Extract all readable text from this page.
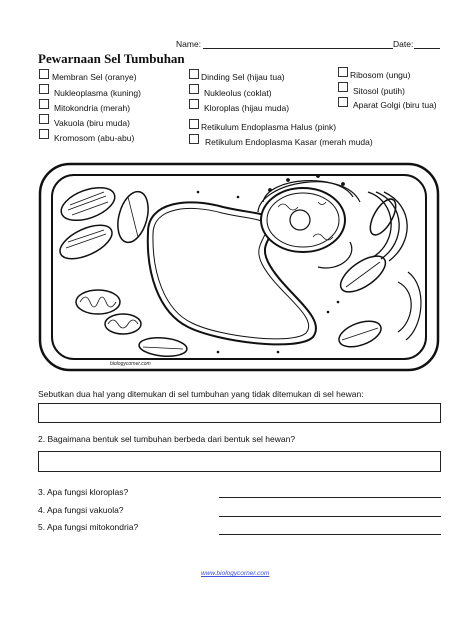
Name:	Date:
Pewarnaan Sel Tumbuhan
Membran Sel (oranye)
Nukleoplasma (kuning)
Mitokondria (merah)
Vakuola (biru muda)
Kromosom (abu-abu)
Dinding Sel (hijau tua)
Nukleolus (coklat)
Kloroplas (hijau muda)
Retikulum Endoplasma Halus (pink)
Retikulum Endoplasma Kasar (merah muda)
Ribosom (ungu)
Sitosol (putih)
Aparat Golgi (biru tua)
biologycorner.com
Sebutkan dua hal yang ditemukan di sel tumbuhan yang tidak ditemukan di sel hewan:
2. Bagaimana bentuk sel tumbuhan berbeda dari bentuk sel hewan?
3. Apa fungsi kloroplas?
4. Apa fungsi vakuola?
5. Apa fungsi mitokondria?
www.biologycorner.com
